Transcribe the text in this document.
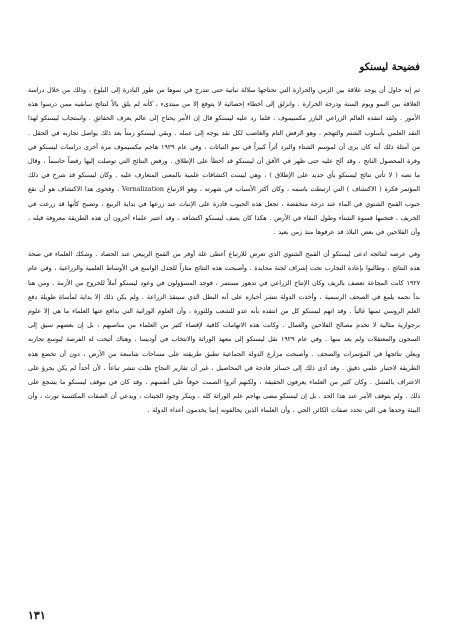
فضيحة ليسنكو

ثم إنه حاول أن يوجد علاقة بين الزمن والحرارة التي تحتاجها سلالة نباتية حتى تتدرج في نموها من طور البادرة إلى البلوغ ، وذلك من خلال دراسة العلاقة بين النمو ويوم السنة ودرجة الحرارة . وانزلق إلى أخطاء إحصائية لا يتوقع إلا من مبتدىء ، كأنه لم يلق بالاً لنتائج سابقيه ممن درسوا هذه الأمور . ولقد انتقده العالم الزراعي البارز مكسيموف ، فلما رد عليه ليسنكو قال إن الأمر يحتاج إلى عالم يعرف الحقائق . واستجاب ليسنكو لهذا النقد العلمي بأسلوب الشتم والتهجم ، وهو الرفض التام والغاضب لكل نقد يوجه إلى عمله . وبقي ليسنكو زمناً بعد ذلك يواصل تجاربه في الحقل . من أمثلة ذلك أنه كان يرى أن لموسم الشتاء والبرد أثراً كبيراً في نمو النباتات ، وفي عام ١٩٢٩ هاجم مكسيموف مرة أخرى دراسات ليسنكو في وفرة المحصول الناتج ، وقد ألح عليه حتى ظهر في الأفق أن ليسنكو قد أخطأ على الإطلاق . ورفض النتائج التي توصلت إليها رفضاً حاسماً ، وقال ما نصه ( لا تأتي نتائج ليسنكو بأي جديد على الإطلاق ) ، وهي ليست اكتشافات علمية بالمعنى المتعارف عليه . وكان ليسنكو قد شرح في ذلك المؤتمر فكرة ( الاكتشاف ) التي ارتبطت باسمه ، وكان أكثر الأسباب في شهرته ، وهو الارتباع Vernalization . وفحوى هذا الاكتشاف هو أن نقع حبوب القمح الشتوي في الماء عند درجة منخفضة ، تجعل هذه الحبوب قادرة على الإنبات عند زرعها في بداية الربيع ، وتصبح كأنها قد زرعت في الخريف ، فتجنبها قسوة الشتاء وطول البقاء في الأرض . هكذا كان يصف ليسنكو اكتشافه ، وقد اعتبر علماء آخرون أن هذه الطريقة معروفة قبله ، وأن الفلاحين في بعض البلاد قد عرفوها منذ زمن بعيد .

وفي عرضه لنتائجه ادعى ليسنكو أن القمح الشتوي الذي تعرض للارتباع أعطى غلة أوفر من القمح الربيعي عند الحصاد . وشكك العلماء في صحة هذه النتائج ، وطالبوا بإعادة التجارب تحت إشراف لجنة محايدة . وأصبحت هذه النتائج مثاراً للجدل الواسع في الأوساط العلمية والزراعية ، وفي عام ١٩٢٧ كانت المجاعة تعصف بالريف وكان الإنتاج الزراعي في تدهور مستمر ، فوجد المسؤولون في وعود ليسنكو أملاً للخروج من الأزمة . ومن هنا بدأ نجمه يلمع في الصحف الرسمية ، وأخذت الدولة تنشر أخباره على أنه البطل الذي سينقذ الزراعة . ولم يكن ذلك إلا بداية لمأساة طويلة دفع العلم الروسي ثمنها غالياً . وقد اتهم ليسنكو كل من انتقده بأنه عدو للشعب وللثورة ، وأن العلوم الوراثية التي يدافع عنها العلماء ما هي إلا علوم برجوازية مثالية لا تخدم مصالح الفلاحين والعمال . وكانت هذه الاتهامات كافية لإقصاء كثير من العلماء من مناصبهم ، بل إن بعضهم سيق إلى السجون والمعتقلات ولم يعد منها . وفي عام ١٩٢٩ نقل ليسنكو إلى معهد الوراثة والانتخاب في أوديسا ، وهناك أتيحت له الفرصة ليوسع تجاربه ويعلن نتائجها في المؤتمرات والصحف . وأصبحت مزارع الدولة الجماعية تطبق طريقته على مساحات شاسعة من الأرض ، دون أن تخضع هذه الطريقة لاختبار علمي دقيق . وقد أدى ذلك إلى خسائر فادحة في المحاصيل ، غير أن تقارير النجاح ظلت تنشر تباعاً ، لأن أحداً لم يكن يجرؤ على الاعتراف بالفشل . وكان كثير من العلماء يعرفون الحقيقة ، ولكنهم آثروا الصمت خوفاً على أنفسهم ، وقد كان في موقف ليسنكو ما يشجع على ذلك . ولم يتوقف الأمر عند هذا الحد ، بل إن ليسنكو مضى يهاجم علم الوراثة كله ، وينكر وجود الجينات ، ويدعي أن الصفات المكتسبة تورث ، وأن البيئة وحدها هي التي تحدد صفات الكائن الحي ، وأن العلماء الذين يخالفونه إنما يخدمون أعداء الدولة .

١٣١
